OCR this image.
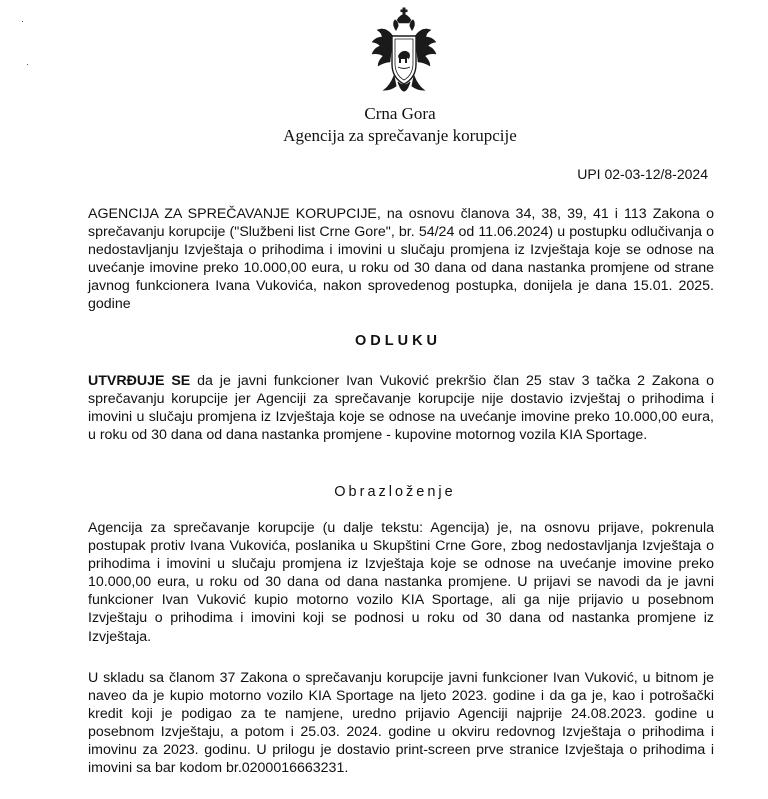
·
·
Crna Gora
Agencija za sprečavanje korupcije
UPI 02-03-12/8-2024
AGENCIJA ZA SPREČAVANJE KORUPCIJE, na osnovu članova 34, 38, 39, 41 i 113 Zakona o sprečavanju korupcije ("Službeni list Crne Gore", br. 54/24 od 11.06.2024) u postupku odlučivanja o nedostavljanju Izvještaja o prihodima i imovini u slučaju promjena iz Izvještaja koje se odnose na uvećanje imovine preko 10.000,00 eura, u roku od 30 dana od dana nastanka promjene od strane javnog funkcionera Ivana Vukovića, nakon sprovedenog postupka, donijela je dana 15.01. 2025. godine
ODLUKU
UTVRĐUJE SE da je javni funkcioner Ivan Vuković prekršio član 25 stav 3 tačka 2 Zakona o sprečavanju korupcije jer Agenciji za sprečavanje korupcije nije dostavio izvještaj o prihodima i imovini u slučaju promjena iz Izvještaja koje se odnose na uvećanje imovine preko 10.000,00 eura, u roku od 30 dana od dana nastanka promjene - kupovine motornog vozila KIA Sportage.
Obrazloženje
Agencija za sprečavanje korupcije (u dalje tekstu: Agencija) je, na osnovu prijave, pokrenula postupak protiv Ivana Vukovića, poslanika u Skupštini Crne Gore, zbog nedostavljanja Izvještaja o prihodima i imovini u slučaju promjena iz Izvještaja koje se odnose na uvećanje imovine preko 10.000,00 eura, u roku od 30 dana od dana nastanka promjene. U prijavi se navodi da je javni funkcioner Ivan Vuković kupio motorno vozilo KIA Sportage, ali ga nije prijavio u posebnom Izvještaju o prihodima i imovini koji se podnosi u roku od 30 dana od nastanka promjene iz Izvještaja.
U skladu sa članom 37 Zakona o sprečavanju korupcije javni funkcioner Ivan Vuković, u bitnom je naveo da je kupio motorno vozilo KIA Sportage na ljeto 2023. godine i da ga je, kao i potrošački kredit koji je podigao za te namjene, uredno prijavio Agenciji najprije 24.08.2023. godine u posebnom Izvještaju, a potom i 25.03. 2024. godine u okviru redovnog Izvještaja o prihodima i imovinu za 2023. godinu. U prilogu je dostavio print-screen prve stranice Izvještaja o prihodima i imovini sa bar kodom br.0200016663231.
